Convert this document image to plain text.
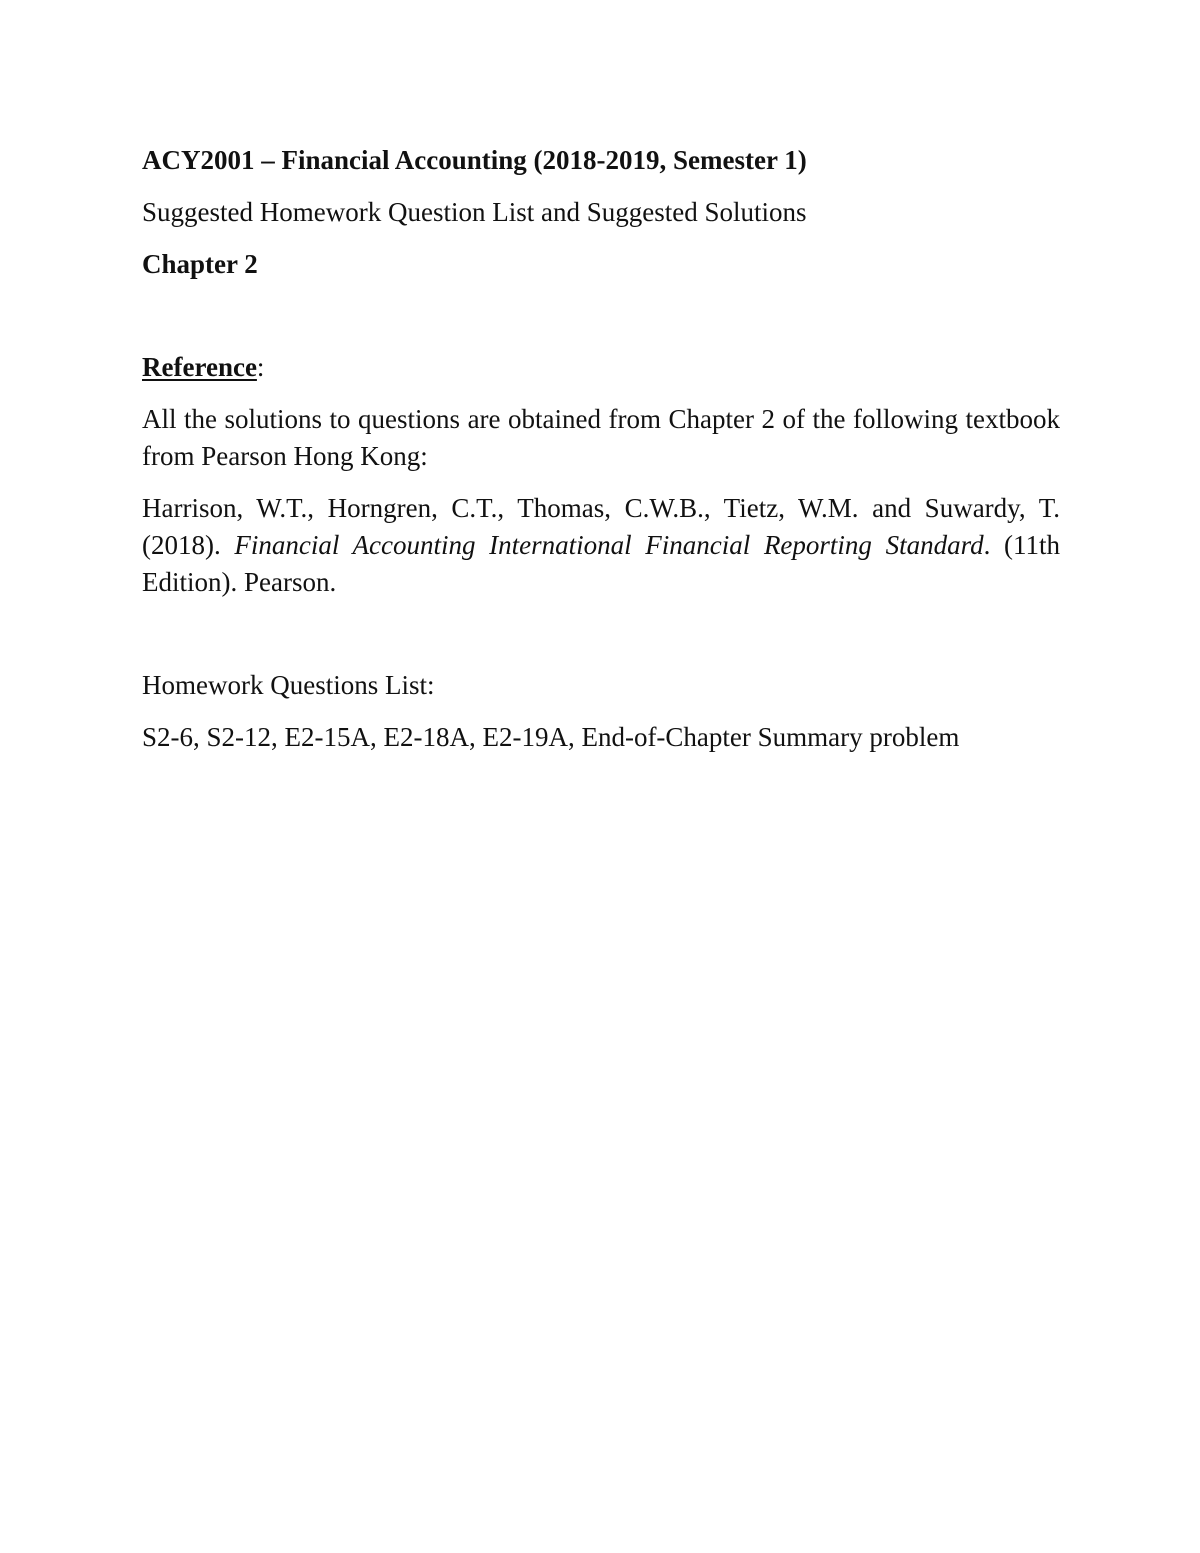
ACY2001 – Financial Accounting (2018-2019, Semester 1)

Suggested Homework Question List and Suggested Solutions

Chapter 2

Reference:

All the solutions to questions are obtained from Chapter 2 of the following textbook from Pearson Hong Kong:

Harrison, W.T., Horngren, C.T., Thomas, C.W.B., Tietz, W.M. and Suwardy, T. (2018). Financial Accounting International Financial Reporting Standard. (11th Edition). Pearson.

Homework Questions List:

S2-6, S2-12, E2-15A, E2-18A, E2-19A, End-of-Chapter Summary problem
